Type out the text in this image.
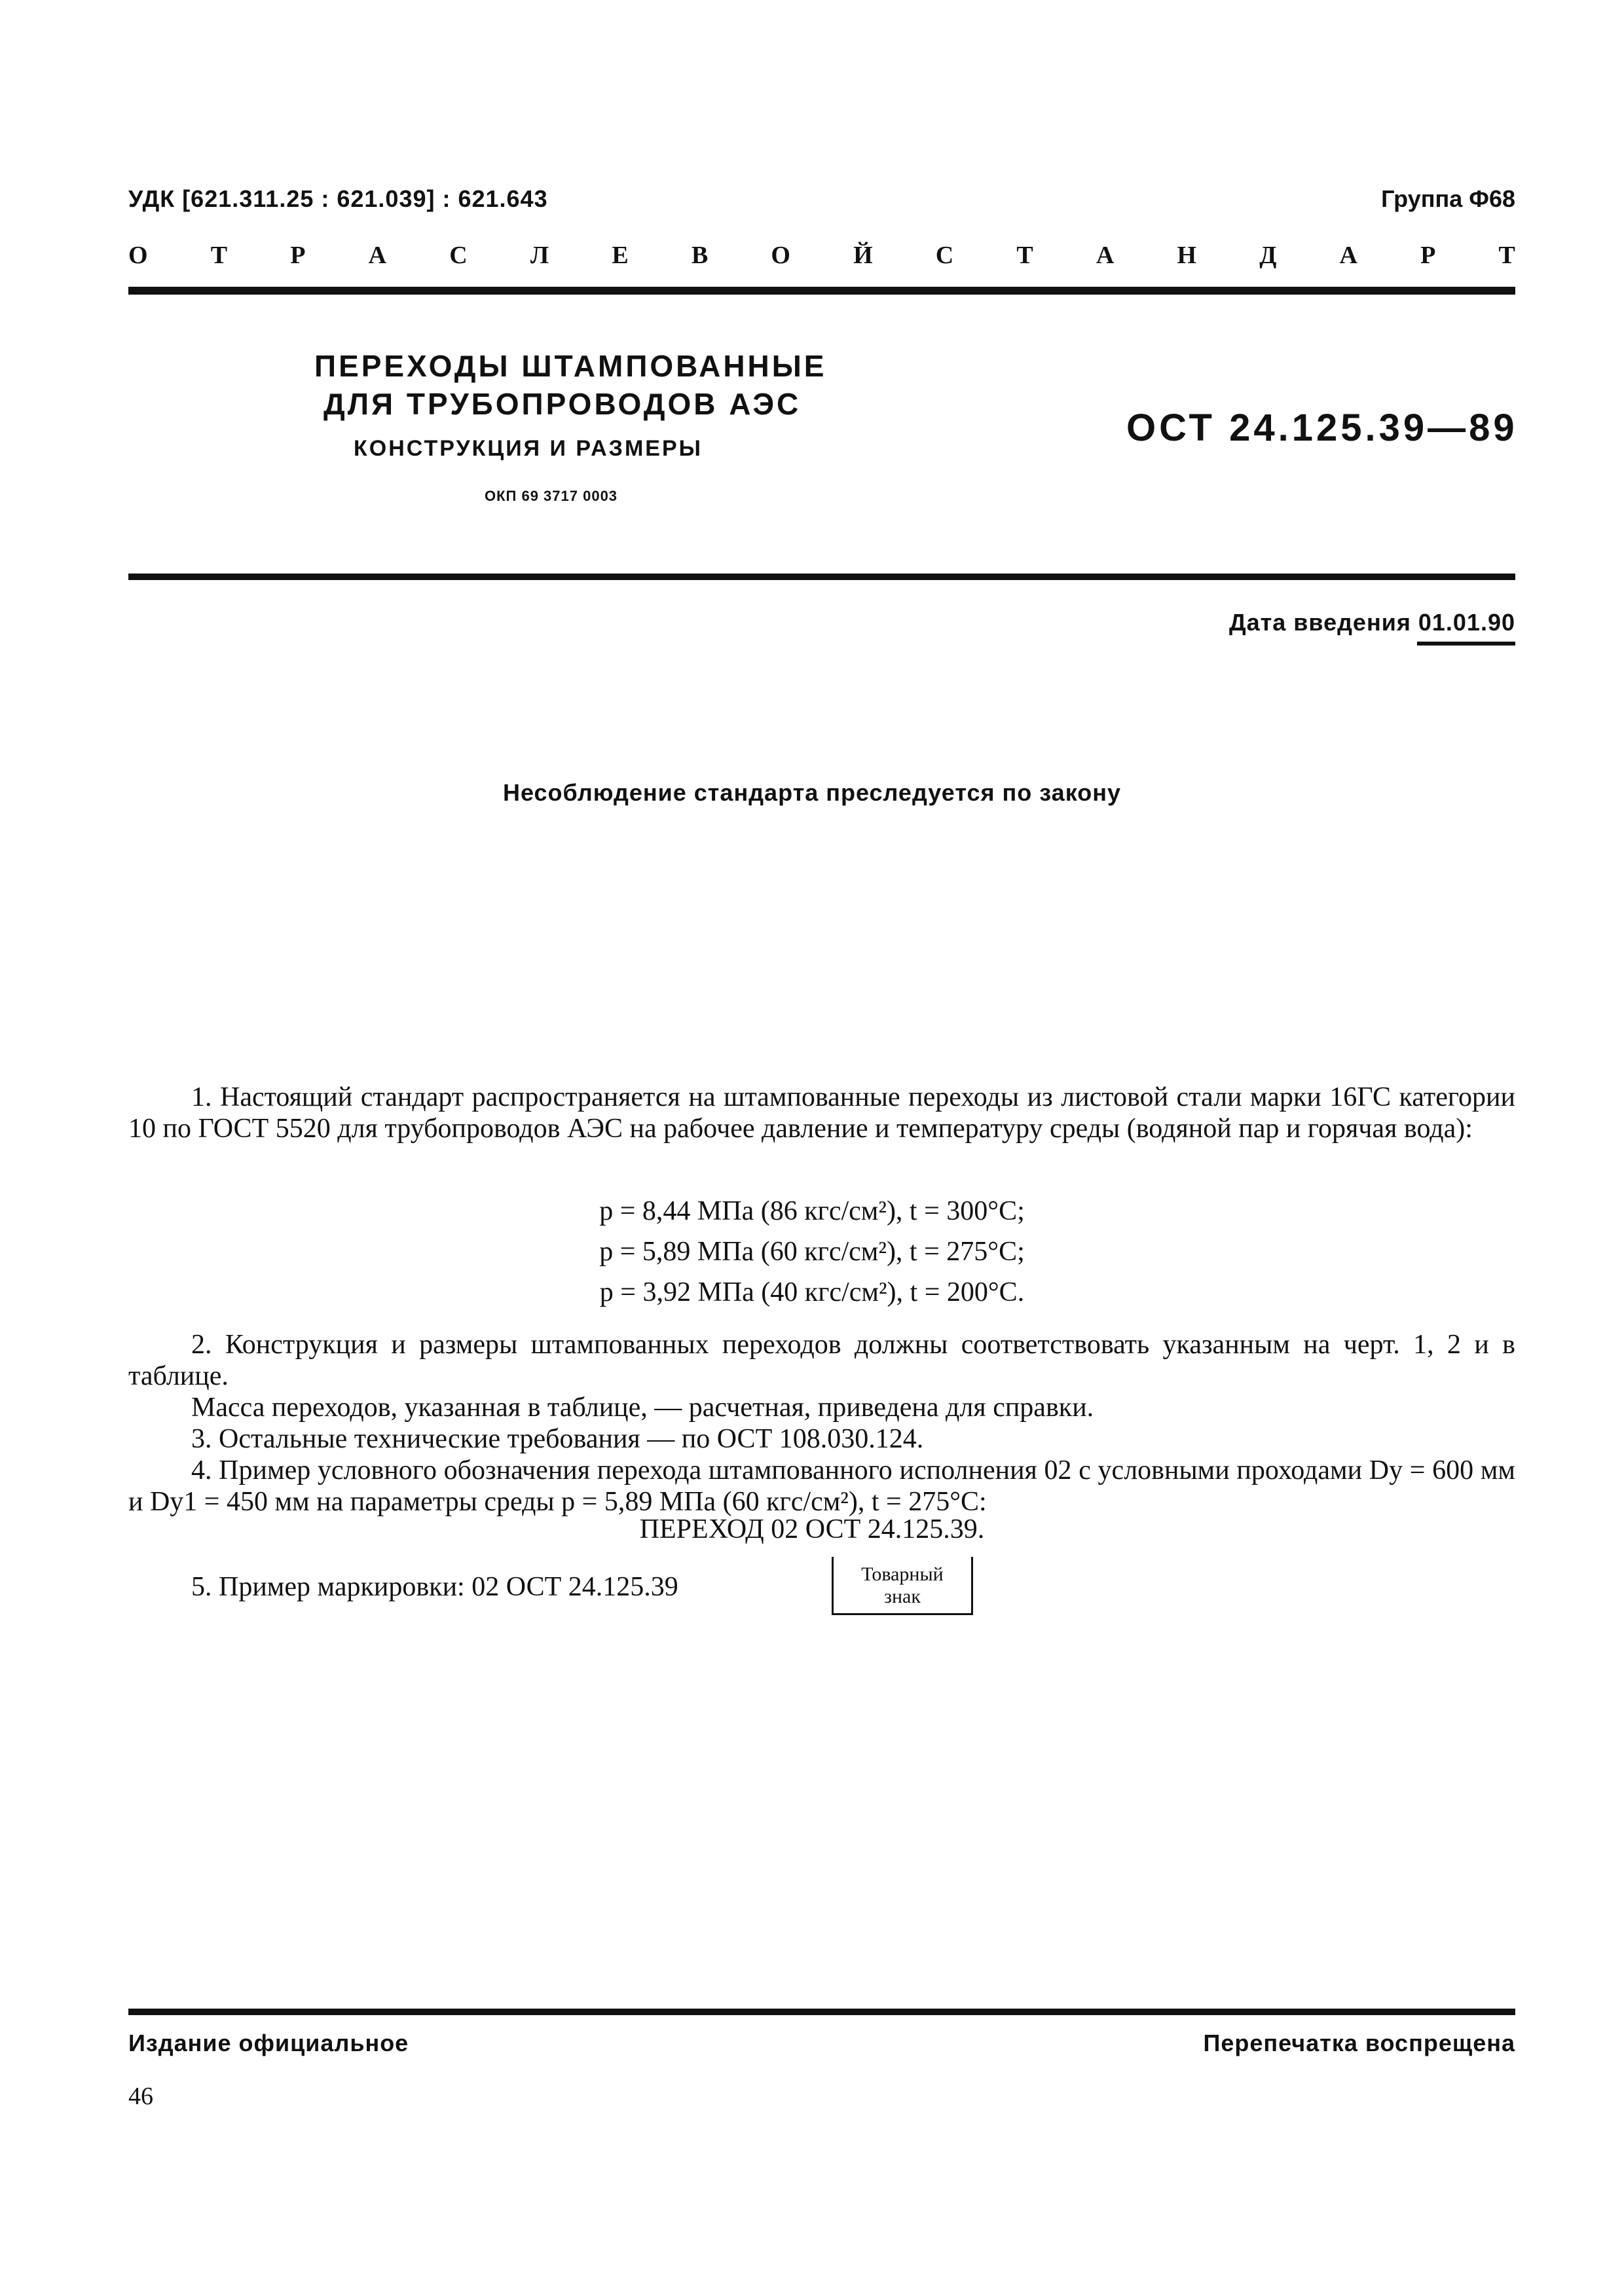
УДК [621.311.25 : 621.039] : 621.643	Группа Ф68
О	Т	Р	А	С	Л	Е	В	О	Й	С	Т	А	Н	Д	А	Р	Т
ПЕРЕХОДЫ ШТАМПОВАННЫЕ
ДЛЯ ТРУБОПРОВОДОВ АЭС
КОНСТРУКЦИЯ И РАЗМЕРЫ
ОКП 69 3717 0003
ОСТ 24.125.39—89
Дата введения 01.01.90
Несоблюдение стандарта преследуется по закону

1. Настоящий стандарт распространяется на штампованные переходы из листовой стали марки 16ГС категории 10 по ГОСТ 5520 для трубопроводов АЭС на рабочее давление и температуру среды (водяной пар и горячая вода):

p = 8,44 МПа (86 кгс/см²), t = 300°C;
p = 5,89 МПа (60 кгс/см²), t = 275°C;
p = 3,92 МПа (40 кгс/см²), t = 200°C.

2. Конструкция и размеры штампованных переходов должны соответствовать указанным на черт. 1, 2 и в таблице.

Масса переходов, указанная в таблице, — расчетная, приведена для справки.

3. Остальные технические требования — по ОСТ 108.030.124.

4. Пример условного обозначения перехода штампованного исполнения 02 с условными проходами Dy = 600 мм и Dy1 = 450 мм на параметры среды p = 5,89 МПа (60 кгс/см²), t = 275°C:

ПЕРЕХОД 02 ОСТ 24.125.39.
5. Пример маркировки: 02 ОСТ 24.125.39	Товарный
знак
Издание официальное	Перепечатка воспрещена
46
